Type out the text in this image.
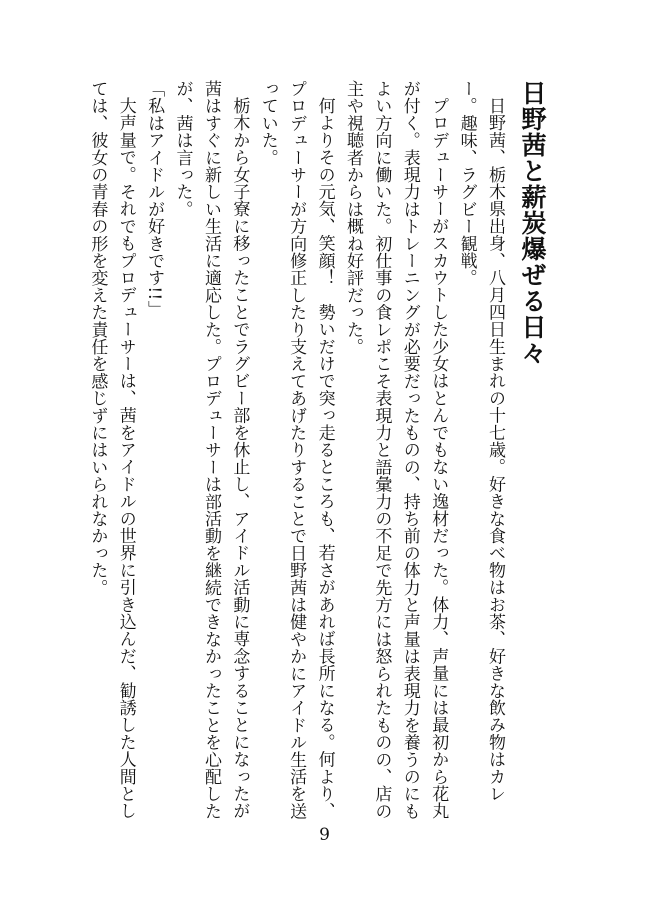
日野茜と薪炭爆ぜる日々

日野茜、栃木県出身、八月四日生まれの十七歳。好きな食べ物はお茶、好きな飲み物はカレー。趣味、ラグビー観戦。

プロデューサーがスカウトした少女はとんでもない逸材だった。体力、声量には最初から花丸が付く。表現力はトレーニングが必要だったものの、持ち前の体力と声量は表現力を養うのにもよい方向に働いた。初仕事の食レポこそ表現力と語彙力の不足で先方には怒られたものの、店の主や視聴者からは概ね好評だった。

何よりその元気、笑顔！　勢いだけで突っ走るところも、若さがあれば長所になる。何より、プロデューサーが方向修正したり支えてあげたりすることで日野茜は健やかにアイドル生活を送っていた。

栃木から女子寮に移ったことでラグビー部を休止し、アイドル活動に専念することになったが茜はすぐに新しい生活に適応した。プロデューサーは部活動を継続できなかったことを心配したが、茜は言った。

「私はアイドルが好きです!!」

大声量で。それでもプロデューサーは、茜をアイドルの世界に引き込んだ、勧誘した人間としては、彼女の青春の形を変えた責任を感じずにはいられなかった。

9
